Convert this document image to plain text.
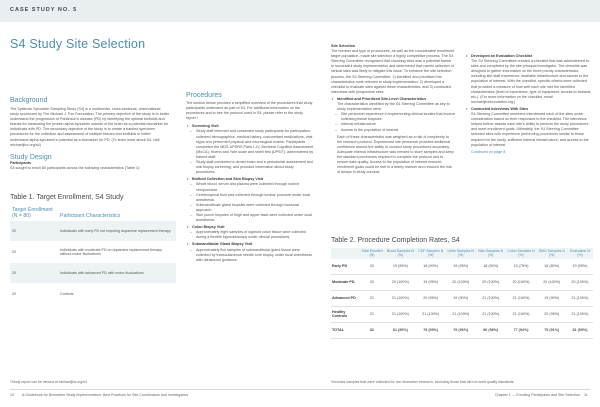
CASE STUDY NO. 5
S4 Study Site Selection
Background
The Systemic Synuclein Sampling Study (S4) is a multicenter, cross-sectional, observational study sponsored by The Michael J. Fox Foundation. The primary objective of the study is to better understand the progression of Parkinson's disease (PD) by identifying the optimal biofluids and tissues for measuring the protein alpha-synuclein outside of the brain as a potential biomarker for individuals with PD. The secondary objective of the study is to create a banked specimen procedures for the collection and assessment of multiple tissues and biofluids to better understand alpha-synuclein's potential as a biomarker for PD. (To learn more about S4, visit michaeljfox.org/s4)
Study Design
Participants
S4 sought to enroll 80 participants across the following characteristics (Table 1):
Table 1. Target Enrollment, S4 Study
Target Enrollment (N = 80)	Participant Characteristics
20	Individuals with early PD not requiring dopamine replacement therapy
20	Individuals with moderate PD on dopamine replacement therapy without motor fluctuations
20	Individuals with advanced PD with motor fluctuations
20	Controls
*Study report can be viewed at michaeljfox.org/s4
Procedures
The section below provides a simplified overview of the procedures that study participants underwent as part of S4. For additional information on the procedures and to see the protocol used in S4, please refer to the study report.*
• Screening Visit
– Study staff informed and consented study participants for participation, collected demographics, medical history, concomitant medications, vital signs and performed physical and neurological exams. Participants completed the MDS-UPDRS Parts I–IV, Montreal Cognitive Assessment (MoCA), Hoehn and Yahr scale and smell test (UPSIT), administered by trained staff.
– Study staff conducted a dental exam and a periodontal assessment and oral biopsy screening, and provided information about study procedures.
• Biofluid Collection and Skin Biopsy Visit
– Whole blood, serum and plasma were collected through routine venipuncture.
– Cerebrospinal fluid was collected through lumbar puncture under local anesthesia.
– Submandibular gland biopsies were collected through transoral approach.
– Skin punch biopsies of thigh and upper back were collected under local anesthesia.
• Colon Biopsy Visit
– Approximately eight samples of sigmoid colon tissue were collected during a flexible sigmoidoscopy under clinical procedures.
• Submandibular Gland Biopsy Visit
– Approximately five samples of submandibular gland tissue were collected by transcutaneous needle core biopsy under local anesthesia with ultrasound guidance.
Site Selection
The number and type of procedures, as well as the considerable enrollment target population, made site selection a highly competitive process. The S4 Steering Committee recognized that choosing sites was a potential barrier to successful study implementation and determined that careful selection of clinical sites was likely to mitigate this issue. To enhance the site selection process, the S4 Steering Committee: 1) identified and prioritized the characteristics most relevant to study implementation; 2) developed a checklist to evaluate sites against these characteristics; and 3) conducted interviews with prospective sites.
• Identified and Prioritized Site-Level Characteristics
The characteristics identified by the S4 Steering Committee as key to study implementation were:
– Site personnel experience in implementing clinical studies that involve collecting tissue biopsies
– Internal infrastructure
– Access to the population of interest
Each of these characteristics was weighted as a risk of complexity to the research protocol. Experienced site personnel provided additional confidence around the ability to conduct study procedures accurately. Adequate internal infrastructure was needed to store samples and keep the standard procedures required to complete the protocol and to ensure data quality. Access to the population of interest ensured enrollment goals could be met in a timely manner and reduced the risk of delays in study conduct.
• Developed an Evaluation Checklist
The S4 Steering Committee created a checklist that was administered to sites and completed by the site principal investigator. The checklist was designed to gather information on the three priority characteristics, including site staff experience, available infrastructure and access to the population of interest. With the checklist, specific criteria were collected that provided a measure of how well each site met the identified characteristics (level of experience, type of equipment, access to biobank, etc.). (For more information on the checklist, email michaeljfoxfoundation.org.)
• Conducted Interviews With Sites
S4 Steering Committee members interviewed each of the sites under consideration based on their responses to the checklist. The interviews helped further assess each site's ability to perform the study procedures and meet enrollment goals. Ultimately, the S4 Steering Committee selected sites with experience performing procedures similar to those required for the study, sufficient internal infrastructure, and access to the population of interest.
Continued on page 8
Table 2. Procedure Completion Rates, S4
	Total Enrolled (N)	Blood Samples N (%)	CSF Samples N (%)	Urine Samples N (%)	Skin Samples N (%)	Colon Samples N (%)	SMG Samples N (%)	Evaluation N (%)
Early PD	20	19 (95%)	18 (90%)	19 (95%)	18 (90%)	15 (75%)	16 (80%)	19 (95%)
Moderate PD	20	20 (100%)	19 (95%)	20 (100%)	20 (100%)	20 (100%)	20 (100%)	20 (100%)
Advanced PD	21	21 (100%)	20 (95%)	19 (90%)	21 (100%)	21 (100%)	19 (90%)	21 (100%)
Healthy Controls	21	21 (100%)	21 (100%)	21 (100%)	21 (100%)	21 (100%)	20 (95%)	21 (100%)
TOTAL	82	81 (99%)	78 (95%)	79 (96%)	80 (98%)	77 (94%)	75 (91%)	81 (99%)
*Includes samples that were collected for non-biomarker research, excluding those that did not meet quality standards.
10 A Guidebook for Biomarker Study Implementation: Best Practices for Site Coordinators and Investigators	Chapter 1 — Enrolling Participants and Site Selection 11
